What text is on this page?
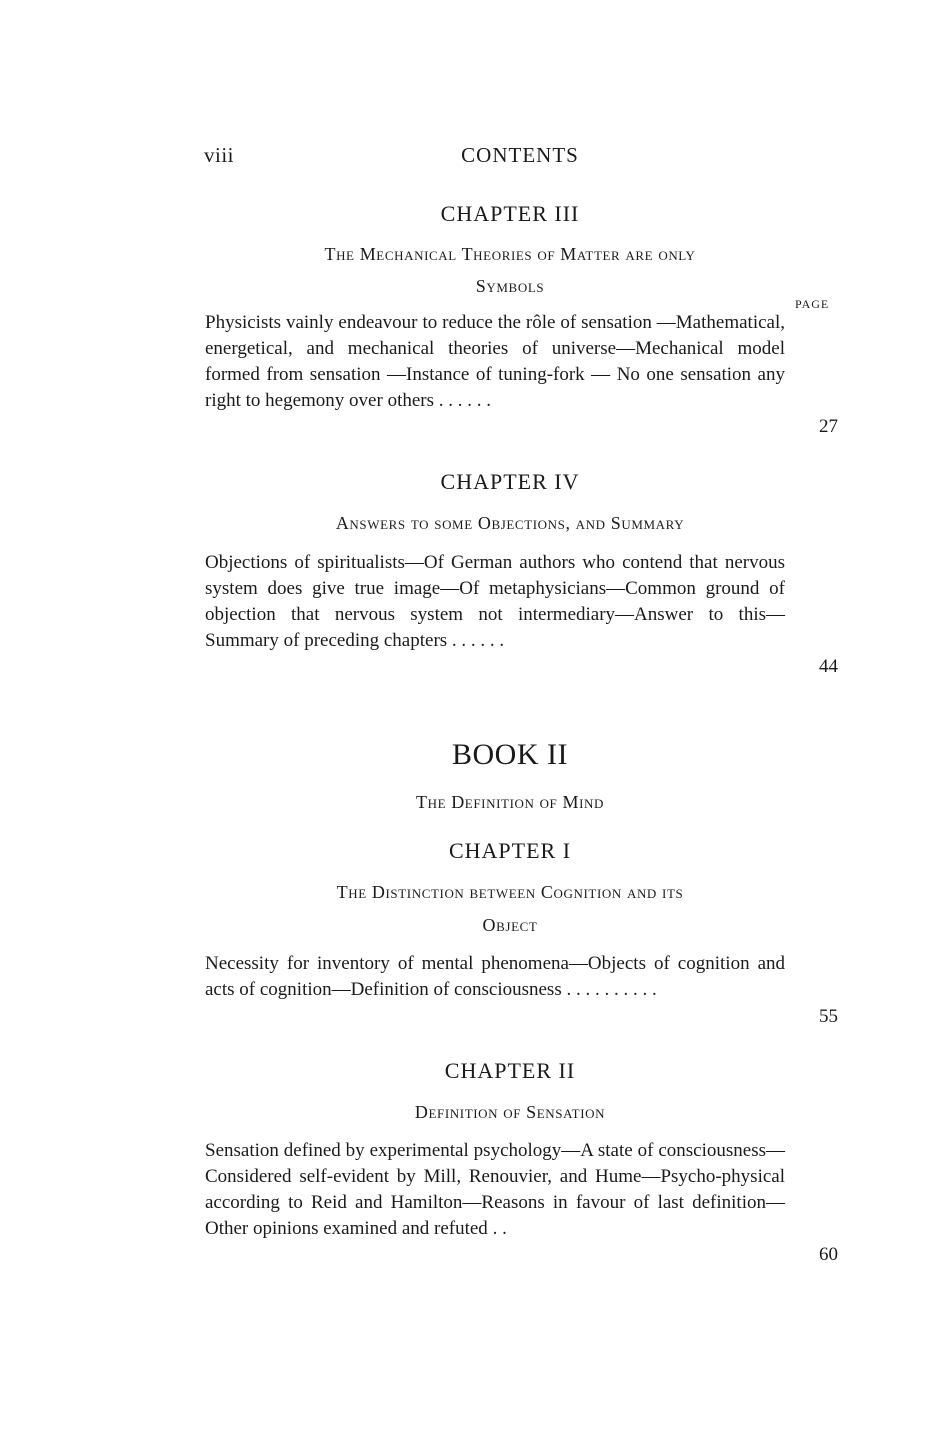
viii	CONTENTS
CHAPTER III
The Mechanical Theories of Matter are only
Symbols
PAGE
Physicists vainly endeavour to reduce the rôle of sensation —Mathematical, energetical, and mechanical theories of universe—Mechanical model formed from sensation —Instance of tuning-fork — No one sensation any right to hegemony over others . . . . . .
27
CHAPTER IV
Answers to some Objections, and Summary
Objections of spiritualists—Of German authors who contend that nervous system does give true image—Of metaphysicians—Common ground of objection that nervous system not intermediary—Answer to this— Summary of preceding chapters . . . . . .
44
BOOK II
The Definition of Mind
CHAPTER I
The Distinction between Cognition and its
Object
Necessity for inventory of mental phenomena—Objects of cognition and acts of cognition—Definition of consciousness . . . . . . . . . .
55
CHAPTER II
Definition of Sensation
Sensation defined by experimental psychology—A state of consciousness—Considered self-evident by Mill, Renouvier, and Hume—Psycho-physical according to Reid and Hamilton—Reasons in favour of last definition—Other opinions examined and refuted . .
60
